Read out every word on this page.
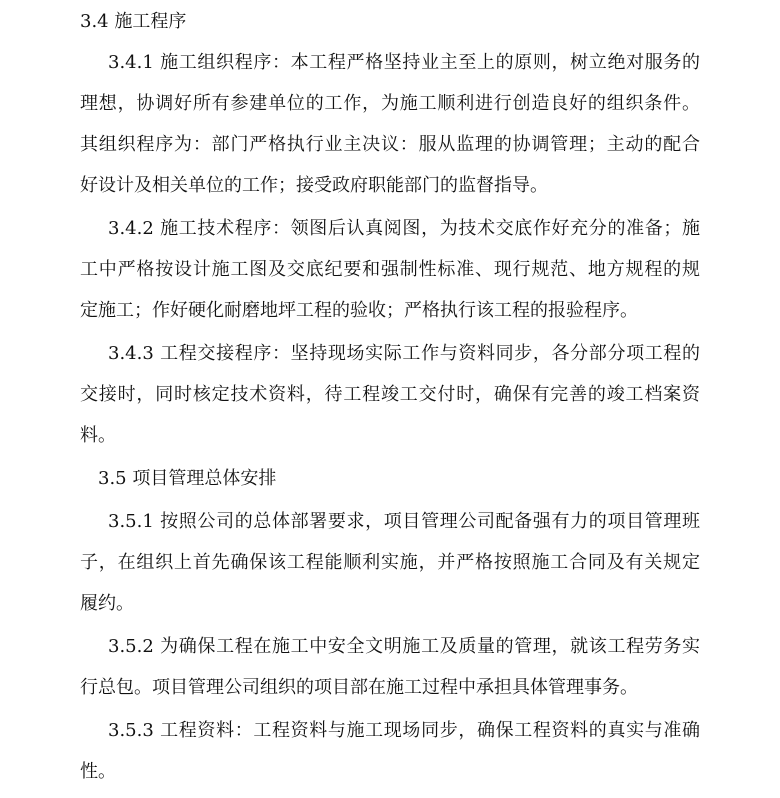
3.4 施工程序
3.4.1 施工组织程序：本工程严格坚持业主至上的原则，树立绝对服务的
理想，协调好所有参建单位的工作，为施工顺利进行创造良好的组织条件。
其组织程序为：部门严格执行业主决议：服从监理的协调管理；主动的配合
好设计及相关单位的工作；接受政府职能部门的监督指导。
3.4.2 施工技术程序：领图后认真阅图，为技术交底作好充分的准备；施
工中严格按设计施工图及交底纪要和强制性标准、现行规范、地方规程的规
定施工；作好硬化耐磨地坪工程的验收；严格执行该工程的报验程序。
3.4.3 工程交接程序：坚持现场实际工作与资料同步，各分部分项工程的
交接时，同时核定技术资料，待工程竣工交付时，确保有完善的竣工档案资
料。
3.5 项目管理总体安排
3.5.1 按照公司的总体部署要求，项目管理公司配备强有力的项目管理班
子，在组织上首先确保该工程能顺利实施，并严格按照施工合同及有关规定
履约。
3.5.2 为确保工程在施工中安全文明施工及质量的管理，就该工程劳务实
行总包。项目管理公司组织的项目部在施工过程中承担具体管理事务。
3.5.3 工程资料：工程资料与施工现场同步，确保工程资料的真实与准确
性。
